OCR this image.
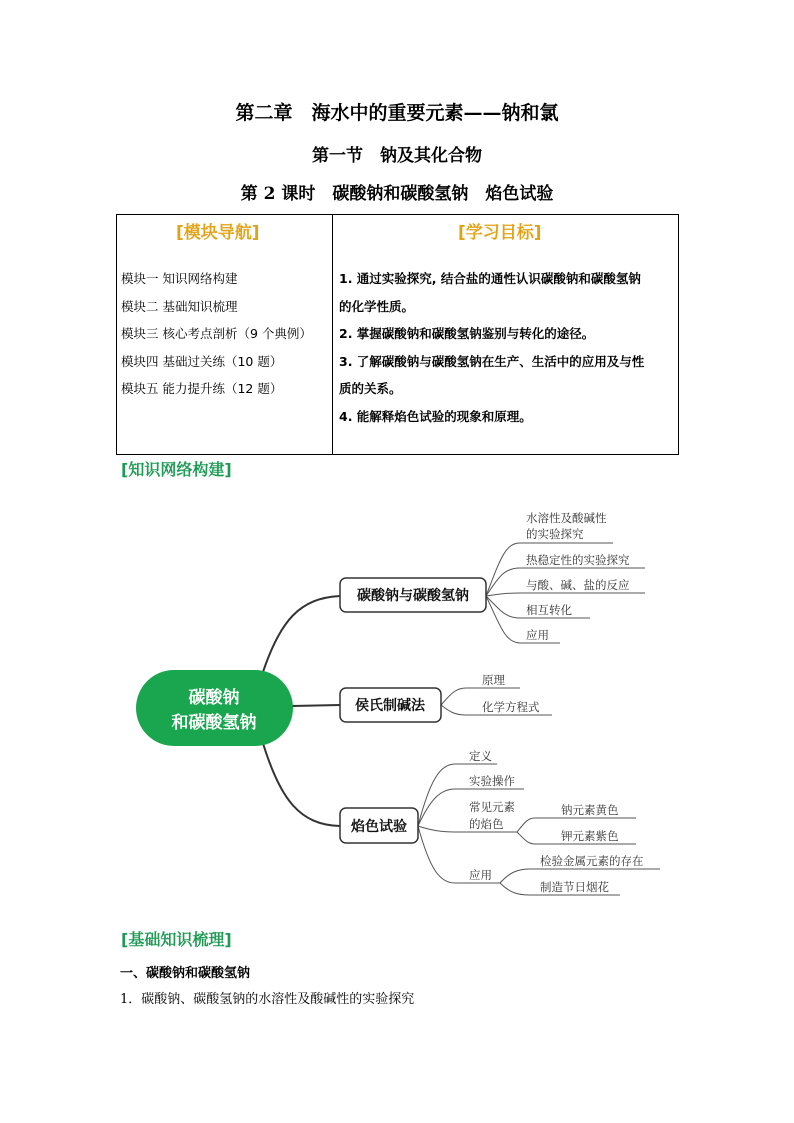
第二章　海水中的重要元素——钠和氯
第一节　钠及其化合物
第 2 课时　碳酸钠和碳酸氢钠　焰色试验
[模块导航]	[学习目标]
模块一 知识网络构建
模块二 基础知识梳理
模块三 核心考点剖析（9 个典例）
模块四 基础过关练（10 题）
模块五 能力提升练（12 题）
1. 通过实验探究, 结合盐的通性认识碳酸钠和碳酸氢钠
的化学性质。
2. 掌握碳酸钠和碳酸氢钠鉴别与转化的途径。
3. 了解碳酸钠与碳酸氢钠在生产、生活中的应用及与性
质的关系。
4. 能解释焰色试验的现象和原理。
[知识网络构建]
碳酸钠
和碳酸氢钠
碳酸钠与碳酸氢钠
侯氏制碱法
焰色试验
水溶性及酸碱性
的实验探究
热稳定性的实验探究
与酸、碱、盐的反应
相互转化
应用
原理
化学方程式
定义
实验操作
常见元素
的焰色
应用
钠元素黄色
钾元素紫色
检验金属元素的存在
制造节日烟花
[基础知识梳理]
一、碳酸钠和碳酸氢钠
1．碳酸钠、碳酸氢钠的水溶性及酸碱性的实验探究
